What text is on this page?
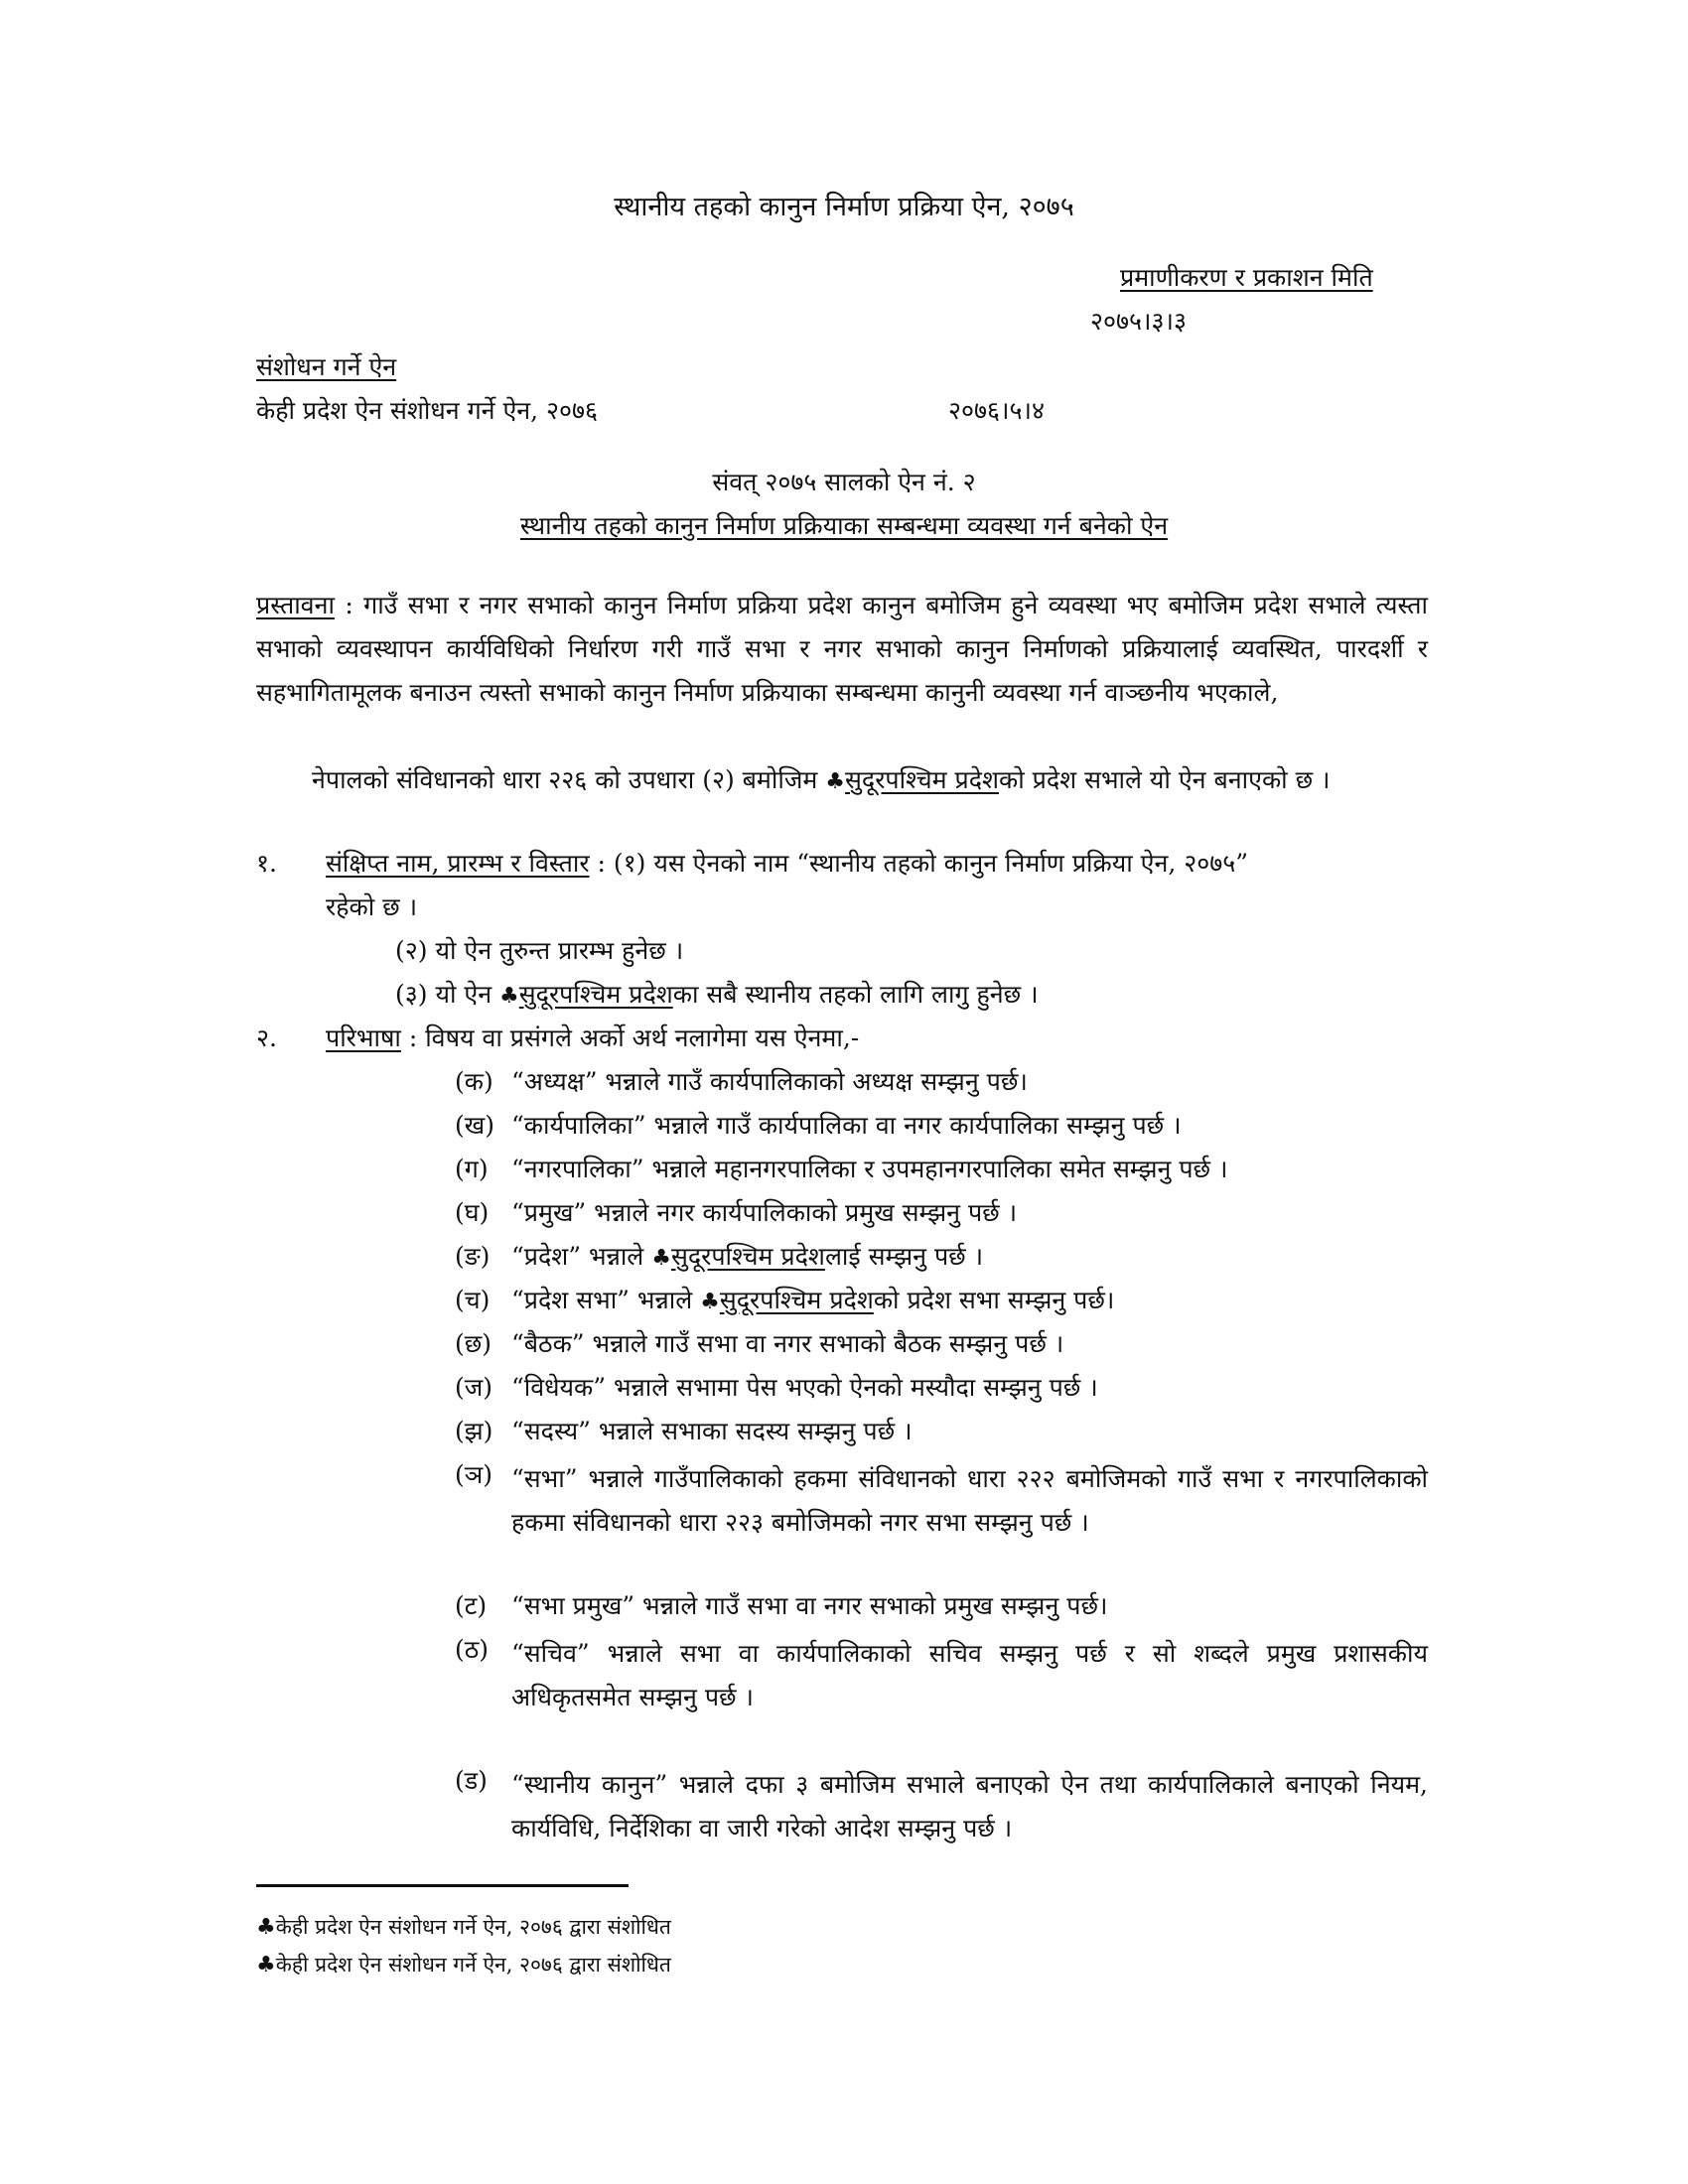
स्थानीय तहको कानुन निर्माण प्रक्रिया ऐन, २०७५
प्रमाणीकरण र प्रकाशन मिति
२०७५।३।३
संशोधन गर्ने ऐन
केही प्रदेश ऐन संशोधन गर्ने ऐन, २०७६	२०७६।५।४
संवत् २०७५ सालको ऐन नं. २
स्थानीय तहको कानुन निर्माण प्रक्रियाका सम्बन्धमा व्यवस्था गर्न बनेको ऐन
प्रस्तावना : गाउँ सभा र नगर सभाको कानुन निर्माण प्रक्रिया प्रदेश कानुन बमोजिम हुने व्यवस्था भए बमोजिम प्रदेश सभाले त्यस्ता सभाको व्यवस्थापन कार्यविधिको निर्धारण गरी गाउँ सभा र नगर सभाको कानुन निर्माणको प्रक्रियालाई व्यवस्थित, पारदर्शी र सहभागितामूलक बनाउन त्यस्तो सभाको कानुन निर्माण प्रक्रियाका सम्बन्धमा कानुनी व्यवस्था गर्न वाञ्छनीय भएकाले,
नेपालको संविधानको धारा २२६ को उपधारा (२) बमोजिम ♣सुदूरपश्चिम प्रदेशको प्रदेश सभाले यो ऐन बनाएको छ ।
१. संक्षिप्त नाम, प्रारम्भ र विस्तार : (१) यस ऐनको नाम “स्थानीय तहको कानुन निर्माण प्रक्रिया ऐन, २०७५”
रहेको छ ।
(२) यो ऐन तुरुन्त प्रारम्भ हुनेछ ।
(३) यो ऐन ♣सुदूरपश्चिम प्रदेशका सबै स्थानीय तहको लागि लागु हुनेछ ।
२. परिभाषा : विषय वा प्रसंगले अर्को अर्थ नलागेमा यस ऐनमा,-
(क) “अध्यक्ष” भन्नाले गाउँ कार्यपालिकाको अध्यक्ष सम्झनु पर्छ।
(ख) “कार्यपालिका” भन्नाले गाउँ कार्यपालिका वा नगर कार्यपालिका सम्झनु पर्छ ।
(ग) “नगरपालिका” भन्नाले महानगरपालिका र उपमहानगरपालिका समेत सम्झनु पर्छ ।
(घ) “प्रमुख” भन्नाले नगर कार्यपालिकाको प्रमुख सम्झनु पर्छ ।
(ङ) “प्रदेश” भन्नाले ♣सुदूरपश्चिम प्रदेशलाई सम्झनु पर्छ ।
(च) “प्रदेश सभा” भन्नाले ♣सुदूरपश्चिम प्रदेशको प्रदेश सभा सम्झनु पर्छ।
(छ) “बैठक” भन्नाले गाउँ सभा वा नगर सभाको बैठक सम्झनु पर्छ ।
(ज) “विधेयक” भन्नाले सभामा पेस भएको ऐनको मस्यौदा सम्झनु पर्छ ।
(झ) “सदस्य” भन्नाले सभाका सदस्य सम्झनु पर्छ ।
(ञ) “सभा” भन्नाले गाउँपालिकाको हकमा संविधानको धारा २२२ बमोजिमको गाउँ सभा र नगरपालिकाको हकमा संविधानको धारा २२३ बमोजिमको नगर सभा सम्झनु पर्छ ।
(ट) “सभा प्रमुख” भन्नाले गाउँ सभा वा नगर सभाको प्रमुख सम्झनु पर्छ।
(ठ) “सचिव” भन्नाले सभा वा कार्यपालिकाको सचिव सम्झनु पर्छ र सो शब्दले प्रमुख प्रशासकीय अधिकृतसमेत सम्झनु पर्छ ।
(ड) “स्थानीय कानुन” भन्नाले दफा ३ बमोजिम सभाले बनाएको ऐन तथा कार्यपालिकाले बनाएको नियम, कार्यविधि, निर्देशिका वा जारी गरेको आदेश सम्झनु पर्छ ।
♣केही प्रदेश ऐन संशोधन गर्ने ऐन, २०७६ द्वारा संशोधित
♣केही प्रदेश ऐन संशोधन गर्ने ऐन, २०७६ द्वारा संशोधित
